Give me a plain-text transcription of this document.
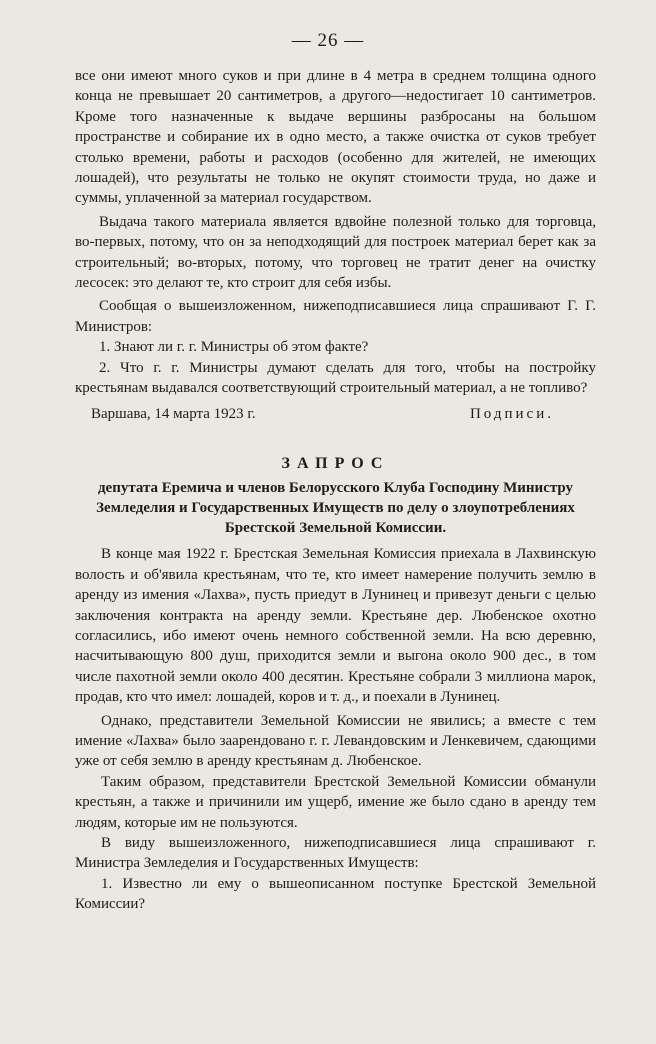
— 26 —

все они имеют много суков и при длине в 4 метра в среднем толщина одного конца не превышает 20 сантиметров, а другого—недостигает 10 сантиметров. Кроме того назначенные к выдаче вершины разбросаны на большом пространстве и собирание их в одно место, а также очистка от суков требует столько времени, работы и расходов (особенно для жителей, не имеющих лошадей), что результаты не только не окупят стоимости труда, но даже и суммы, уплаченной за материал государством.

Выдача такого материала является вдвойне полезной только для торговца, во-первых, потому, что он за неподходящий для построек материал берет как за строительный; во-вторых, потому, что торговец не тратит денег на очистку лесосек: это делают те, кто строит для себя избы.

Сообщая о вышеизложенном, нижеподписавшиеся лица спрашивают Г. Г. Министров:

1. Знают ли г. г. Министры об этом факте?

2. Что г. г. Министры думают сделать для того, чтобы на постройку крестьянам выдавался соответствующий строительный материал, а не топливо?

Варшава, 14 марта 1923 г.	Подписи.
ЗАПРОС
депутата Еремича и членов Белорусского Клуба Господину Министру Земледелия и Государственных Имуществ по делу о злоупотреблениях Брестской Земельной Комиссии.

В конце мая 1922 г. Брестская Земельная Комиссия приехала в Лахвинскую волость и об'явила крестьянам, что те, кто имеет намерение получить землю в аренду из имения «Лахва», пусть приедут в Лунинец и привезут деньги с целью заключения контракта на аренду земли. Крестьяне дер. Любенское охотно согласились, ибо имеют очень немного собственной земли. На всю деревню, насчитывающую 800 душ, приходится земли и выгона около 900 дес., в том числе пахотной земли около 400 десятин. Крестьяне собрали 3 миллиона марок, продав, кто что имел: лошадей, коров и т. д., и поехали в Лунинец.

Однако, представители Земельной Комиссии не явились; а вместе с тем имение «Лахва» было заарендовано г. г. Левандовским и Ленкевичем, сдающими уже от себя землю в аренду крестьянам д. Любенское.

Таким образом, представители Брестской Земельной Комиссии обманули крестьян, а также и причинили им ущерб, имение же было сдано в аренду тем людям, которые им не пользуются.

В виду вышеизложенного, нижеподписавшиеся лица спрашивают г. Министра Земледелия и Государственных Имуществ:

1. Известно ли ему о вышеописанном поступке Брестской Земельной Комиссии?
